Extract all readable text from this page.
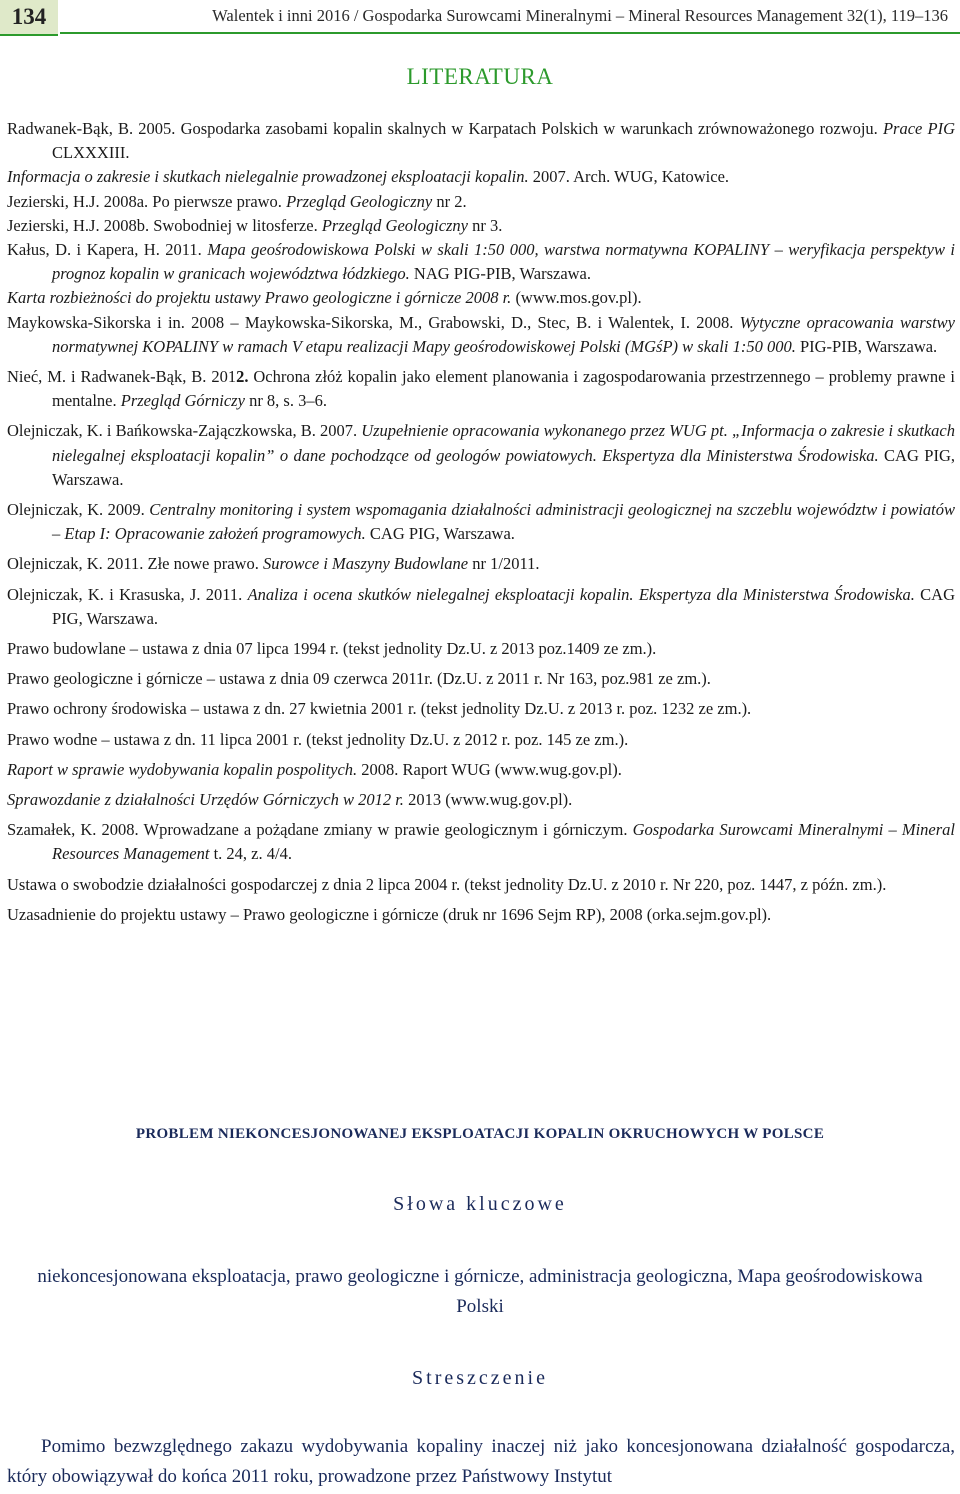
134	Walentek i inni 2016 / Gospodarka Surowcami Mineralnymi – Mineral Resources Management 32(1), 119–136
LITERATURA

Radwanek-Bąk, B. 2005. Gospodarka zasobami kopalin skalnych w Karpatach Polskich w warunkach zrównoważonego rozwoju. Prace PIG CLXXXIII.

Informacja o zakresie i skutkach nielegalnie prowadzonej eksploatacji kopalin. 2007. Arch. WUG, Katowice.

Jezierski, H.J. 2008a. Po pierwsze prawo. Przegląd Geologiczny nr 2.

Jezierski, H.J. 2008b. Swobodniej w litosferze. Przegląd Geologiczny nr 3.

Kałus, D. i Kapera, H. 2011. Mapa geośrodowiskowa Polski w skali 1:50 000, warstwa normatywna KOPALINY – weryfikacja perspektyw i prognoz kopalin w granicach województwa łódzkiego. NAG PIG-PIB, Warszawa.

Karta rozbieżności do projektu ustawy Prawo geologiczne i górnicze 2008 r. (www.mos.gov.pl).

Maykowska-Sikorska i in. 2008 – Maykowska-Sikorska, M., Grabowski, D., Stec, B. i Walentek, I. 2008. Wytyczne opracowania warstwy normatywnej KOPALINY w ramach V etapu realizacji Mapy geośrodowiskowej Polski (MGśP) w skali 1:50 000. PIG-PIB, Warszawa.

Nieć, M. i Radwanek-Bąk, B. 2012. Ochrona złóż kopalin jako element planowania i zagospodarowania przestrzennego – problemy prawne i mentalne. Przegląd Górniczy nr 8, s. 3–6.

Olejniczak, K. i Bańkowska-Zajączkowska, B. 2007. Uzupełnienie opracowania wykonanego przez WUG pt. „Informacja o zakresie i skutkach nielegalnej eksploatacji kopalin” o dane pochodzące od geologów powiatowych. Ekspertyza dla Ministerstwa Środowiska. CAG PIG, Warszawa.

Olejniczak, K. 2009. Centralny monitoring i system wspomagania działalności administracji geologicznej na szczeblu województw i powiatów – Etap I: Opracowanie założeń programowych. CAG PIG, Warszawa.

Olejniczak, K. 2011. Złe nowe prawo. Surowce i Maszyny Budowlane nr 1/2011.

Olejniczak, K. i Krasuska, J. 2011. Analiza i ocena skutków nielegalnej eksploatacji kopalin. Ekspertyza dla Ministerstwa Środowiska. CAG PIG, Warszawa.

Prawo budowlane – ustawa z dnia 07 lipca 1994 r. (tekst jednolity Dz.U. z 2013 poz.1409 ze zm.).

Prawo geologiczne i górnicze – ustawa z dnia 09 czerwca 2011r. (Dz.U. z 2011 r. Nr 163, poz.981 ze zm.).

Prawo ochrony środowiska – ustawa z dn. 27 kwietnia 2001 r. (tekst jednolity Dz.U. z 2013 r. poz. 1232 ze zm.).

Prawo wodne – ustawa z dn. 11 lipca 2001 r. (tekst jednolity Dz.U. z 2012 r. poz. 145 ze zm.).

Raport w sprawie wydobywania kopalin pospolitych. 2008. Raport WUG (www.wug.gov.pl).

Sprawozdanie z działalności Urzędów Górniczych w 2012 r. 2013 (www.wug.gov.pl).

Szamałek, K. 2008. Wprowadzane a pożądane zmiany w prawie geologicznym i górniczym. Gospodarka Surowcami Mineralnymi – Mineral Resources Management t. 24, z. 4/4.

Ustawa o swobodzie działalności gospodarczej z dnia 2 lipca 2004 r. (tekst jednolity Dz.U. z 2010 r. Nr 220, poz. 1447, z późn. zm.).

Uzasadnienie do projektu ustawy – Prawo geologiczne i górnicze (druk nr 1696 Sejm RP), 2008 (orka.sejm.gov.pl).

PROBLEM NIEKONCESJONOWANEJ EKSPLOATACJI KOPALIN OKRUCHOWYCH W POLSCE
Słowa kluczowe
niekoncesjonowana eksploatacja, prawo geologiczne i górnicze, administracja geologiczna, Mapa geośrodowiskowa Polski
Streszczenie
Pomimo bezwzględnego zakazu wydobywania kopaliny inaczej niż jako koncesjonowana działalność gospodarcza, który obowiązywał do końca 2011 roku, prowadzone przez Państwowy Instytut
